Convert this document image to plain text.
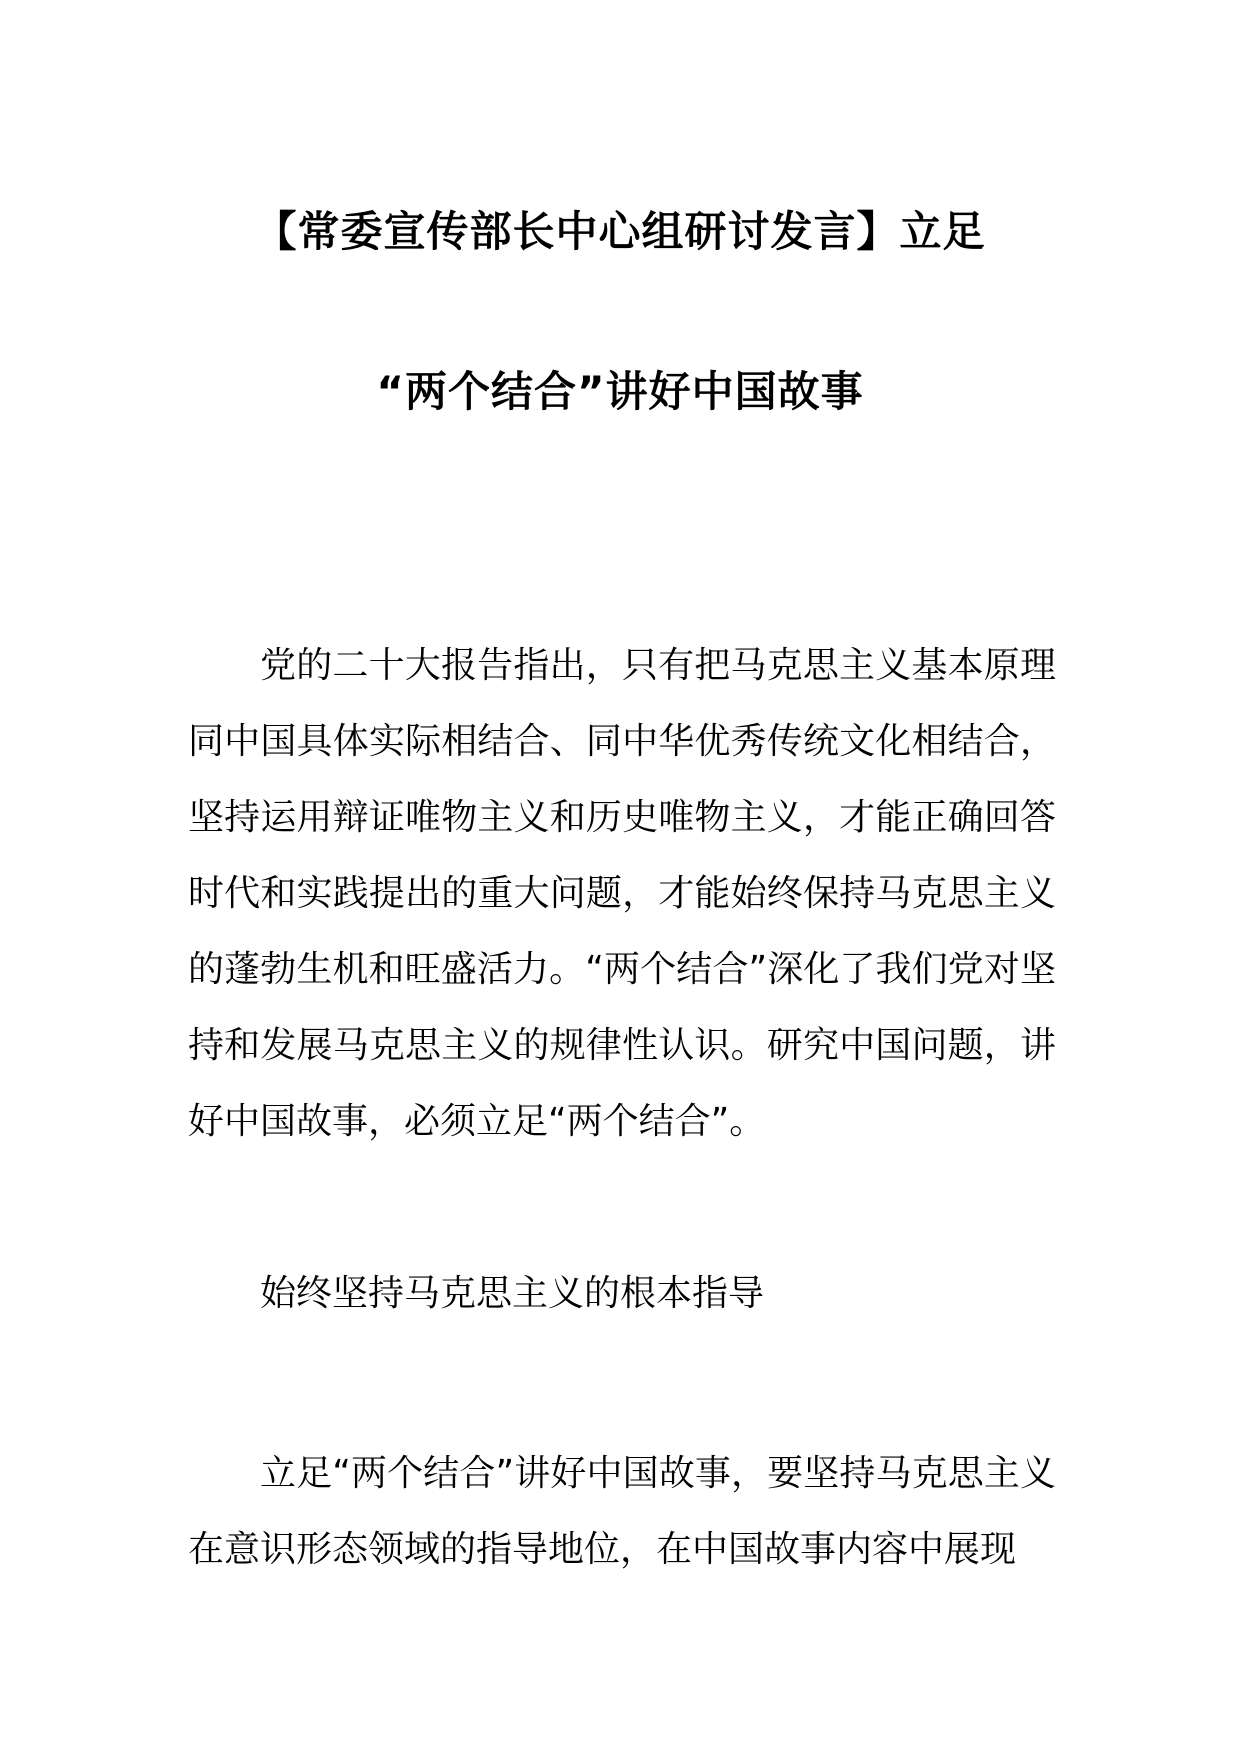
【常委宣传部长中心组研讨发言】立足
“两个结合”讲好中国故事

党的二十大报告指出，只有把马克思主义基本原理同中国具体实际相结合、同中华优秀传统文化相结合，坚持运用辩证唯物主义和历史唯物主义，才能正确回答时代和实践提出的重大问题，才能始终保持马克思主义的蓬勃生机和旺盛活力。“两个结合”深化了我们党对坚持和发展马克思主义的规律性认识。研究中国问题，讲好中国故事，必须立足“两个结合”。

始终坚持马克思主义的根本指导

立足“两个结合”讲好中国故事，要坚持马克思主义在意识形态领域的指导地位，在中国故事内容中展现
